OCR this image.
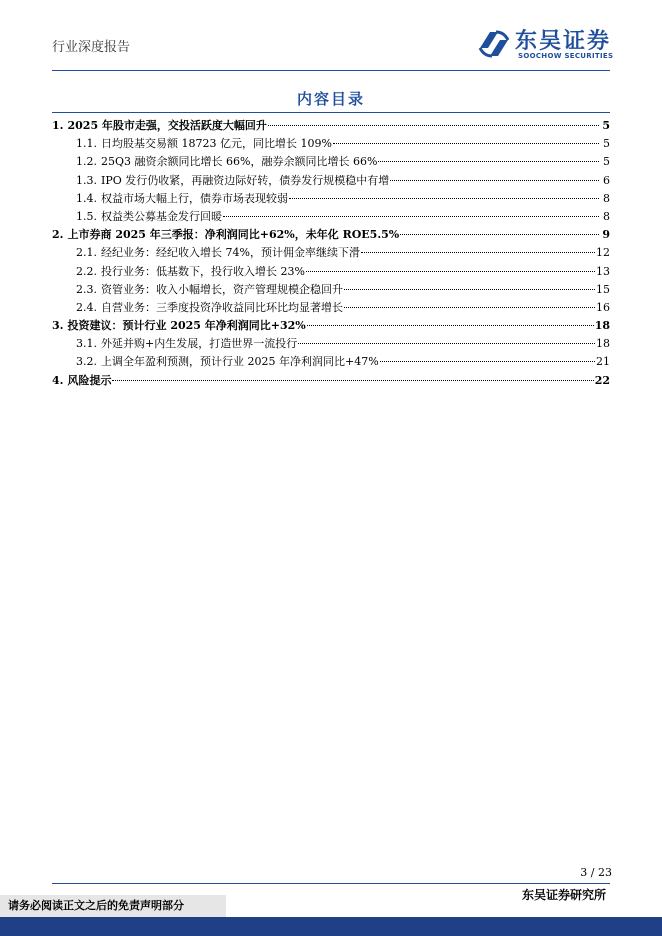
行业深度报告	东吴证券
SOOCHOW SECURITIES
内容目录
1. 2025 年股市走强，交投活跃度大幅回升	5
1.1. 日均股基交易额 18723 亿元，同比增长 109%	5
1.2. 25Q3 融资余额同比增长 66%，融券余额同比增长 66%	5
1.3. IPO 发行仍收紧，再融资边际好转，债券发行规模稳中有增	6
1.4. 权益市场大幅上行，债券市场表现较弱	8
1.5. 权益类公募基金发行回暖	8
2. 上市券商 2025 年三季报：净利润同比+62%，未年化 ROE5.5%	9
2.1. 经纪业务：经纪收入增长 74%，预计佣金率继续下滑	12
2.2. 投行业务：低基数下，投行收入增长 23%	13
2.3. 资管业务：收入小幅增长，资产管理规模企稳回升	15
2.4. 自营业务：三季度投资净收益同比环比均显著增长	16
3. 投资建议：预计行业 2025 年净利润同比+32%	18
3.1. 外延并购+内生发展，打造世界一流投行	18
3.2. 上调全年盈利预测，预计行业 2025 年净利润同比+47%	21
4. 风险提示	22
3 / 23
东吴证券研究所
请务必阅读正文之后的免责声明部分
